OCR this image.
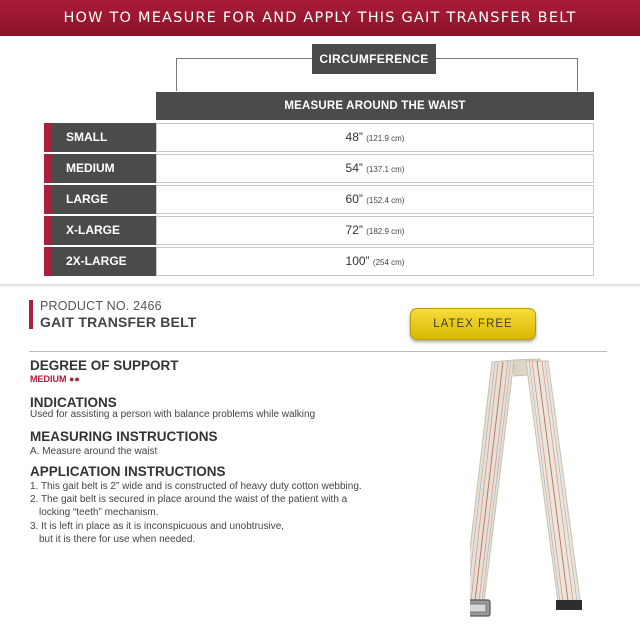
HOW TO MEASURE FOR AND APPLY THIS GAIT TRANSFER BELT
CIRCUMFERENCE
MEASURE AROUND THE WAIST
SMALL	48” (121.9 cm)
MEDIUM	54” (137.1 cm)
LARGE	60” (152.4 cm)
X-LARGE	72” (182.9 cm)
2X-LARGE	100” (254 cm)
PRODUCT NO. 2466
GAIT TRANSFER BELT	LATEX FREE
DEGREE OF SUPPORT
MEDIUM ●●
INDICATIONS
Used for assisting a person with balance problems while walking
MEASURING INSTRUCTIONS
A. Measure around the waist
APPLICATION INSTRUCTIONS
1. This gait belt is 2” wide and is constructed of heavy duty cotton webbing.
2. The gait belt is secured in place around the waist of the patient with a
locking “teeth” mechanism.
3. It is left in place as it is inconspicuous and unobtrusive,
but it is there for use when needed.
